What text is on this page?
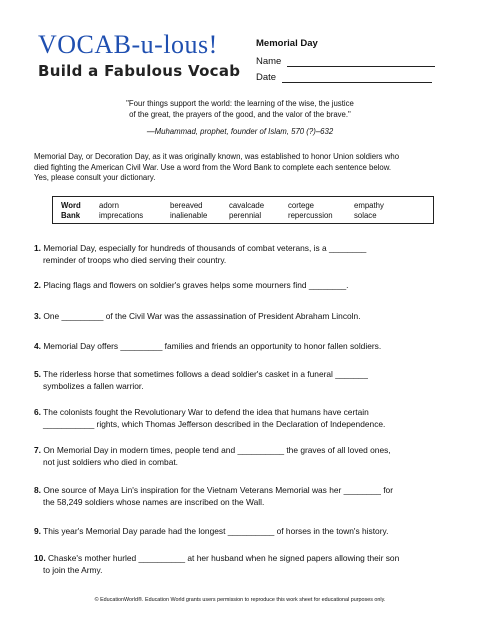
VOCAB-u-lous!
Build a Fabulous Vocab
Memorial Day
Name
Date
"Four things support the world: the learning of the wise, the justice
of the great, the prayers of the good, and the valor of the brave."
—Muhammad, prophet, founder of Islam, 570 (?)–632
Memorial Day, or Decoration Day, as it was originally known, was established to honor Union soldiers who
died fighting the American Civil War. Use a word from the Word Bank to complete each sentence below.
Yes, please consult your dictionary.
Word
Bank
adorn	bereaved	cavalcade	cortege	empathy
imprecations	inalienable	perennial	repercussion	solace
1. Memorial Day, especially for hundreds of thousands of combat veterans, is a ________
reminder of troops who died serving their country.
2. Placing flags and flowers on soldier's graves helps some mourners find ________.
3. One _________ of the Civil War was the assassination of President Abraham Lincoln.
4. Memorial Day offers _________ families and friends an opportunity to honor fallen soldiers.
5. The riderless horse that sometimes follows a dead soldier's casket in a funeral _______
symbolizes a fallen warrior.
6. The colonists fought the Revolutionary War to defend the idea that humans have certain
___________ rights, which Thomas Jefferson described in the Declaration of Independence.
7. On Memorial Day in modern times, people tend and __________ the graves of all loved ones,
not just soldiers who died in combat.
8. One source of Maya Lin's inspiration for the Vietnam Veterans Memorial was her ________ for
the 58,249 soldiers whose names are inscribed on the Wall.
9. This year's Memorial Day parade had the longest __________ of horses in the town's history.
10. Chaske's mother hurled __________ at her husband when he signed papers allowing their son
to join the Army.
© EducationWorld®. Education World grants users permission to reproduce this work sheet for educational purposes only.
